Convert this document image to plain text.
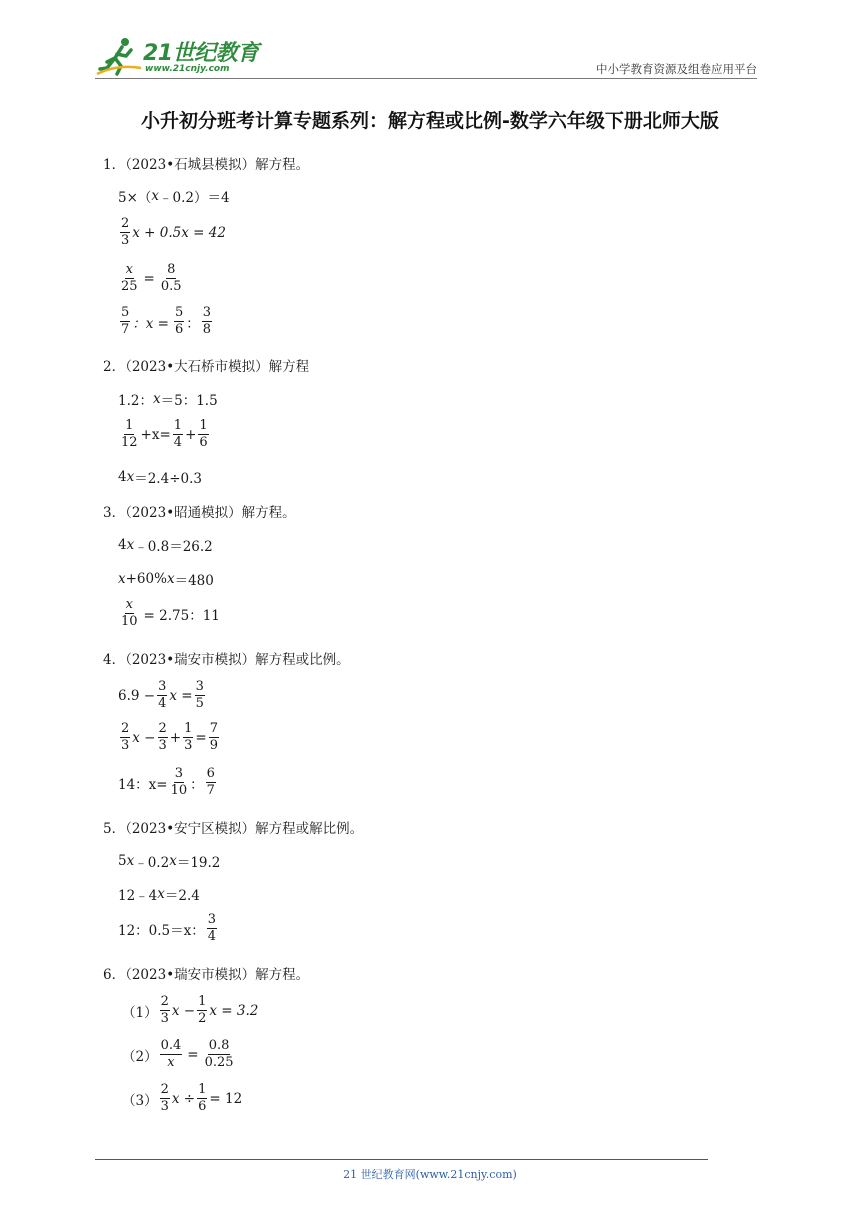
21世纪教育
www.21cnjy.com	中小学教育资源及组卷应用平台
小升初分班考计算专题系列：解方程或比例-数学六年级下册北师大版
1．（2023•石城县模拟）解方程。
5×（ x ﹣0.2）＝4
$\frac{2}{3}$ x + 0.5x = 42
$\frac{x}{25} = \frac{8}{0.5}$
$\frac{5}{7}$ ：$x = \frac{5}{6}$ ： $\frac{3}{8}$
2．（2023•大石桥市模拟）解方程
1.2： x ＝5：1.5
$\frac{1}{12} +x= \frac{1}{4} + \frac{1}{6}$
4 x ＝2.4÷0.3
3．（2023•昭通模拟）解方程。
4 x ﹣0.8＝26.2
x +60% x ＝480
$\frac{x}{10} = 2.75$：11
4．（2023•瑞安市模拟）解方程或比例。
$6.9 - \frac{3}{4}$ $x = \frac{3}{5}$
$\frac{2}{3}$ $x - \frac{2}{3} + \frac{1}{3} = \frac{7}{9}$
14：$x= \frac{3}{10}$ ： $\frac{6}{7}$
5．（2023•安宁区模拟）解方程或解比例。
5 x ﹣0.2 x ＝19.2
12﹣4 x ＝2.4
12：0.5＝x： $\frac{3}{4}$
6．（2023•瑞安市模拟）解方程。
$(1) \frac{2}{3}$ $x - \frac{1}{2}$ x = 3.2
$(2) \frac{0.4}{x} = \frac{0.8}{0.25}$
$(3) \frac{2}{3}$ $x \div \frac{1}{6} = 12$
21 世纪教育网(www.21cnjy.com)
